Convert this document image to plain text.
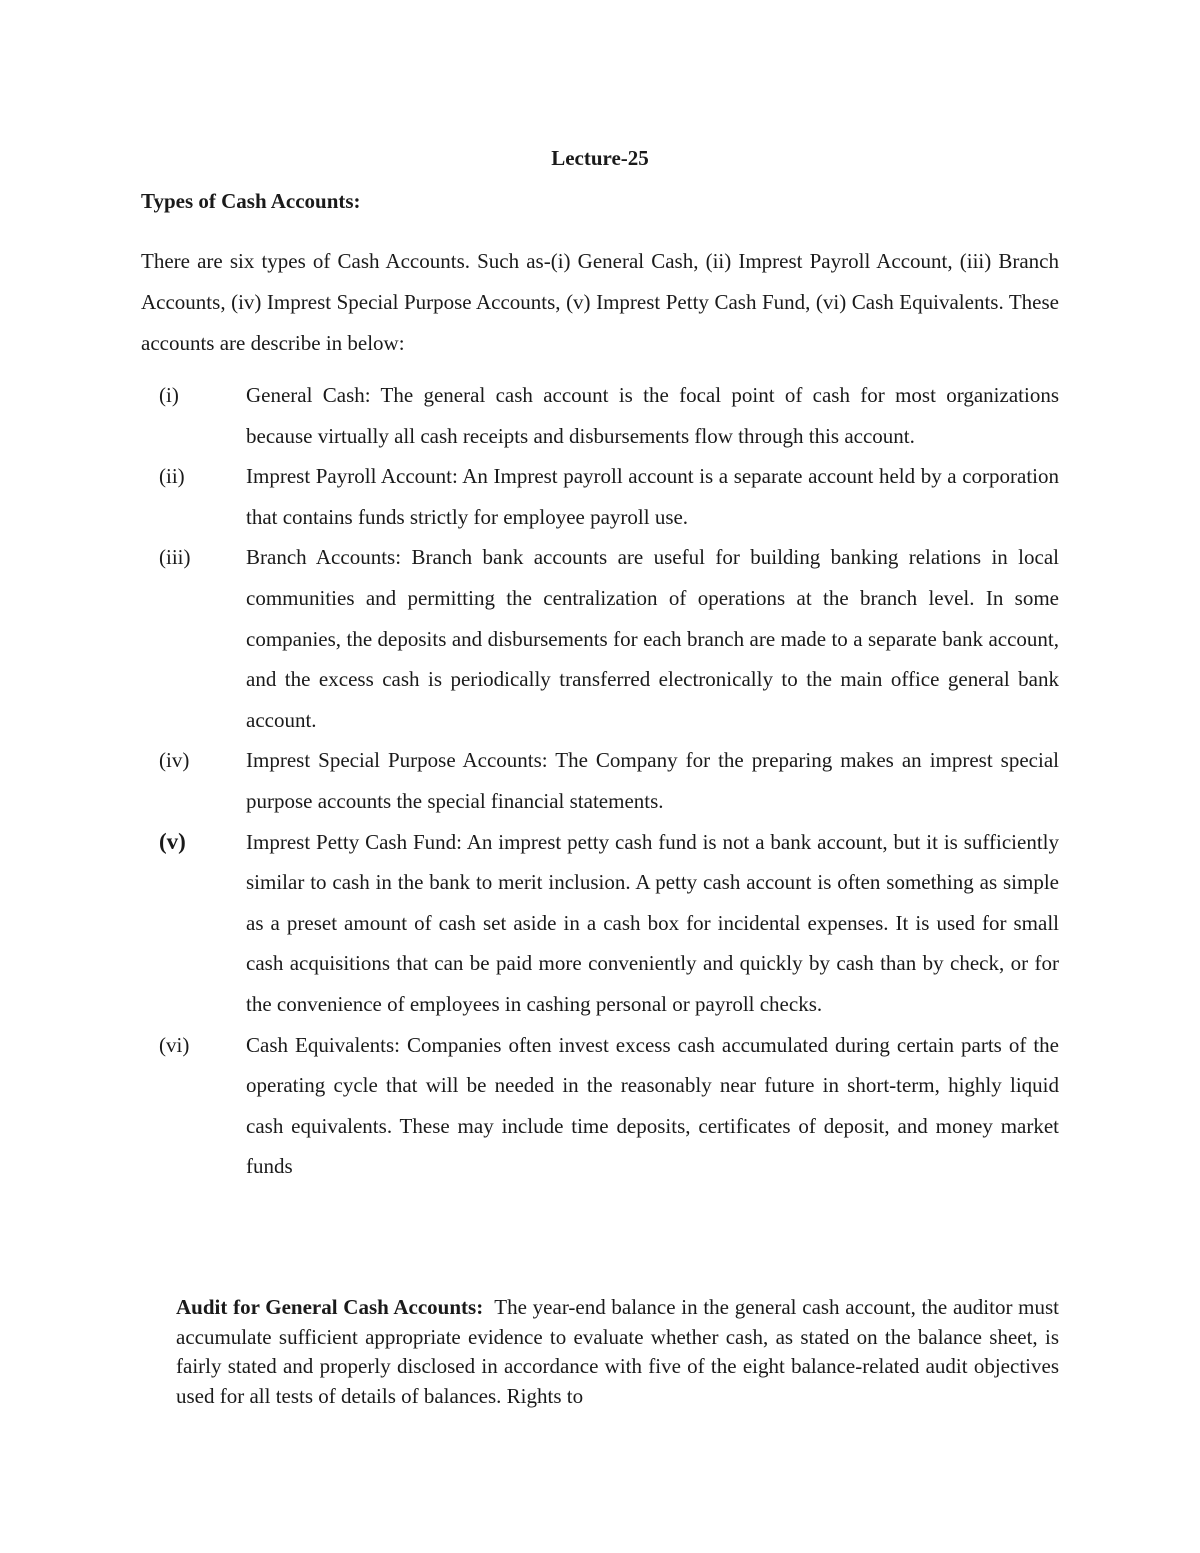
Lecture-25
Types of Cash Accounts:

There are six types of Cash Accounts. Such as-(i) General Cash, (ii) Imprest Payroll Account, (iii) Branch Accounts, (iv) Imprest Special Purpose Accounts, (v) Imprest Petty Cash Fund, (vi) Cash Equivalents. These accounts are describe in below:

(i)	General Cash: The general cash account is the focal point of cash for most organizations because virtually all cash receipts and disbursements flow through this account.
(ii)	Imprest Payroll Account: An Imprest payroll account is a separate account held by a corporation that contains funds strictly for employee payroll use.
(iii)	Branch Accounts: Branch bank accounts are useful for building banking relations in local communities and permitting the centralization of operations at the branch level. In some companies, the deposits and disbursements for each branch are made to a separate bank account, and the excess cash is periodically transferred electronically to the main office general bank account.
(iv)	Imprest Special Purpose Accounts: The Company for the preparing makes an imprest special purpose accounts the special financial statements.
(v)	Imprest Petty Cash Fund: An imprest petty cash fund is not a bank account, but it is sufficiently similar to cash in the bank to merit inclusion. A petty cash account is often something as simple as a preset amount of cash set aside in a cash box for incidental expenses. It is used for small cash acquisitions that can be paid more conveniently and quickly by cash than by check, or for the convenience of employees in cashing personal or payroll checks.
(vi)	Cash Equivalents: Companies often invest excess cash accumulated during certain parts of the operating cycle that will be needed in the reasonably near future in short-term, highly liquid cash equivalents. These may include time deposits, certificates of deposit, and money market funds

Audit for General Cash Accounts: The year-end balance in the general cash account, the auditor must accumulate sufficient appropriate evidence to evaluate whether cash, as stated on the balance sheet, is fairly stated and properly disclosed in accordance with five of the eight balance-related audit objectives used for all tests of details of balances. Rights to
